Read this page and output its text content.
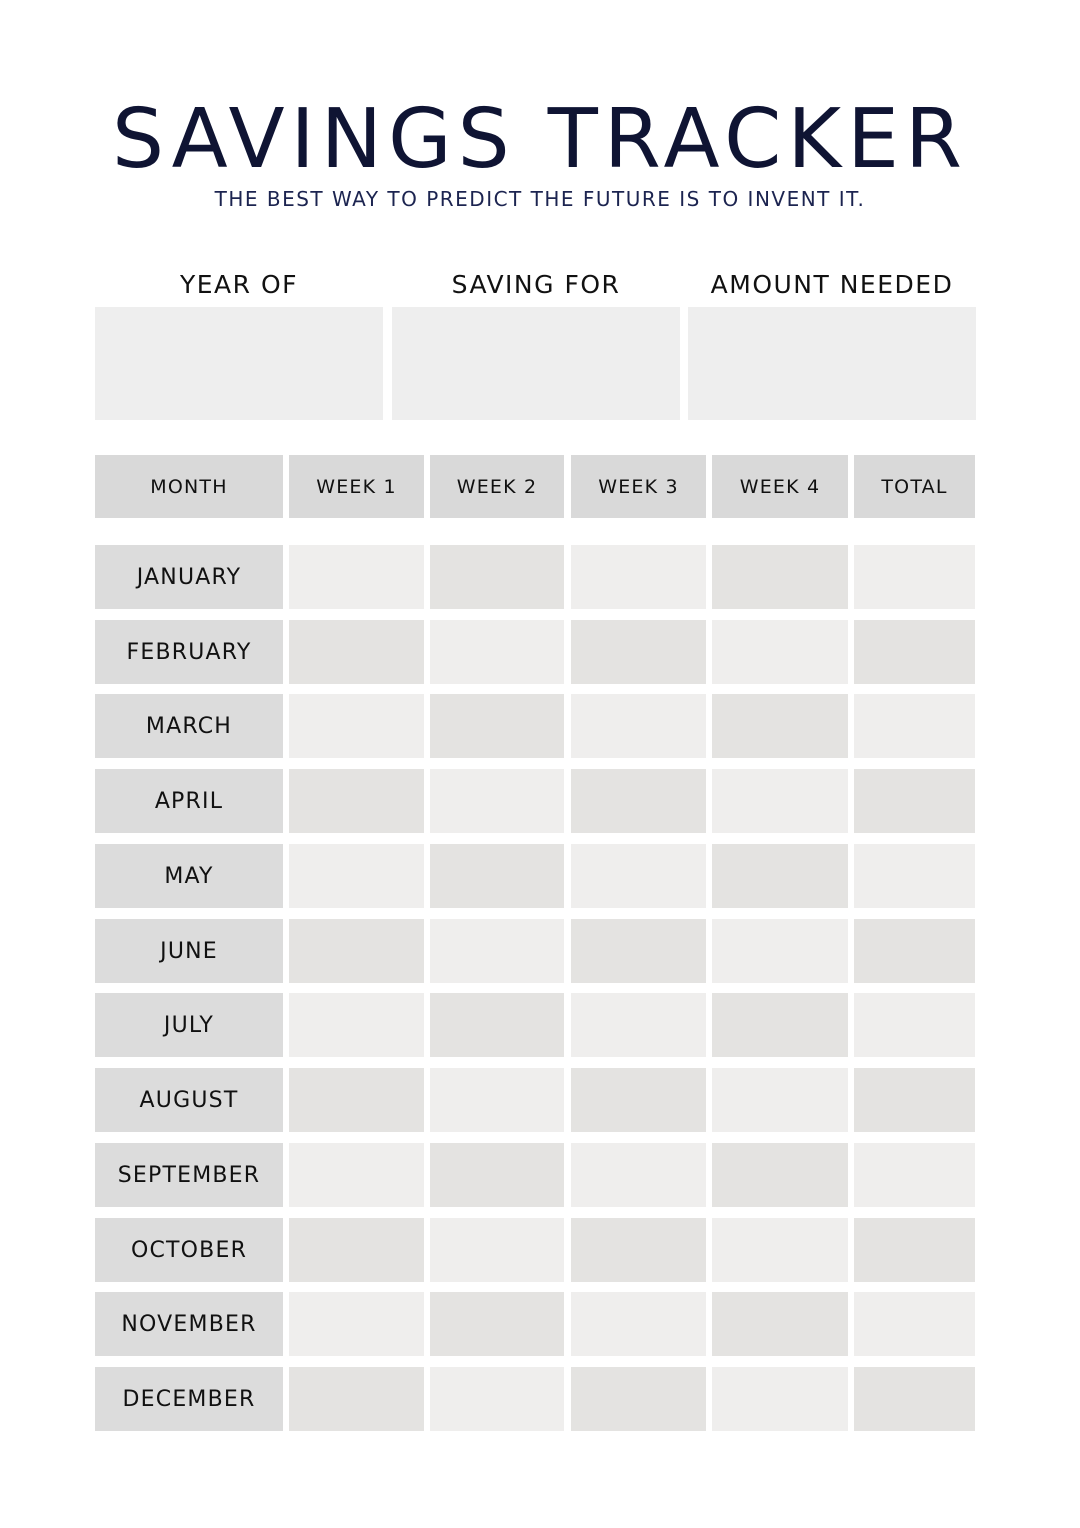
SAVINGS TRACKER
THE BEST WAY TO PREDICT THE FUTURE IS TO INVENT IT.
YEAR OF	SAVING FOR	AMOUNT NEEDED
MONTH	WEEK 1	WEEK 2	WEEK 3	WEEK 4	TOTAL
JANUARY
FEBRUARY
MARCH
APRIL
MAY
JUNE
JULY
AUGUST
SEPTEMBER
OCTOBER
NOVEMBER
DECEMBER
